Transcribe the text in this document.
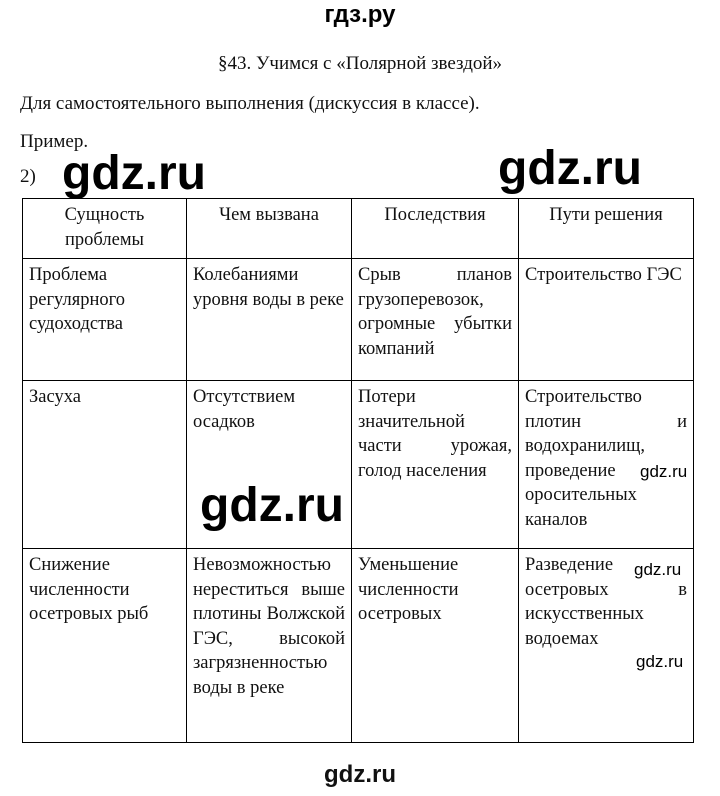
гдз.ру
§43. Учимся с «Полярной звездой»
Для самостоятельного выполнения (дискуссия в классе).
Пример.
2)
Сущность проблемы	Чем вызвана	Последствия	Пути решения
Проблема регулярного судоходства	Колебаниями уровня воды в реке	Срыв планов грузоперевозок, огромные убытки компаний	Строительство ГЭС
Засуха	Отсутствием осадков	Потери значительной части урожая, голод населения	Строительство плотин и водохранилищ, проведение оросительных каналов
Снижение численности осетровых рыб	Невозможностью нереститься выше плотины Волжской ГЭС, высокой загрязненностью воды в реке	Уменьшение численности осетровых	Разведение осетровых в искусственных водоемах
gdz.ru	gdz.ru
gdz.ru
gdz.ru
gdz.ru
gdz.ru
gdz.ru
